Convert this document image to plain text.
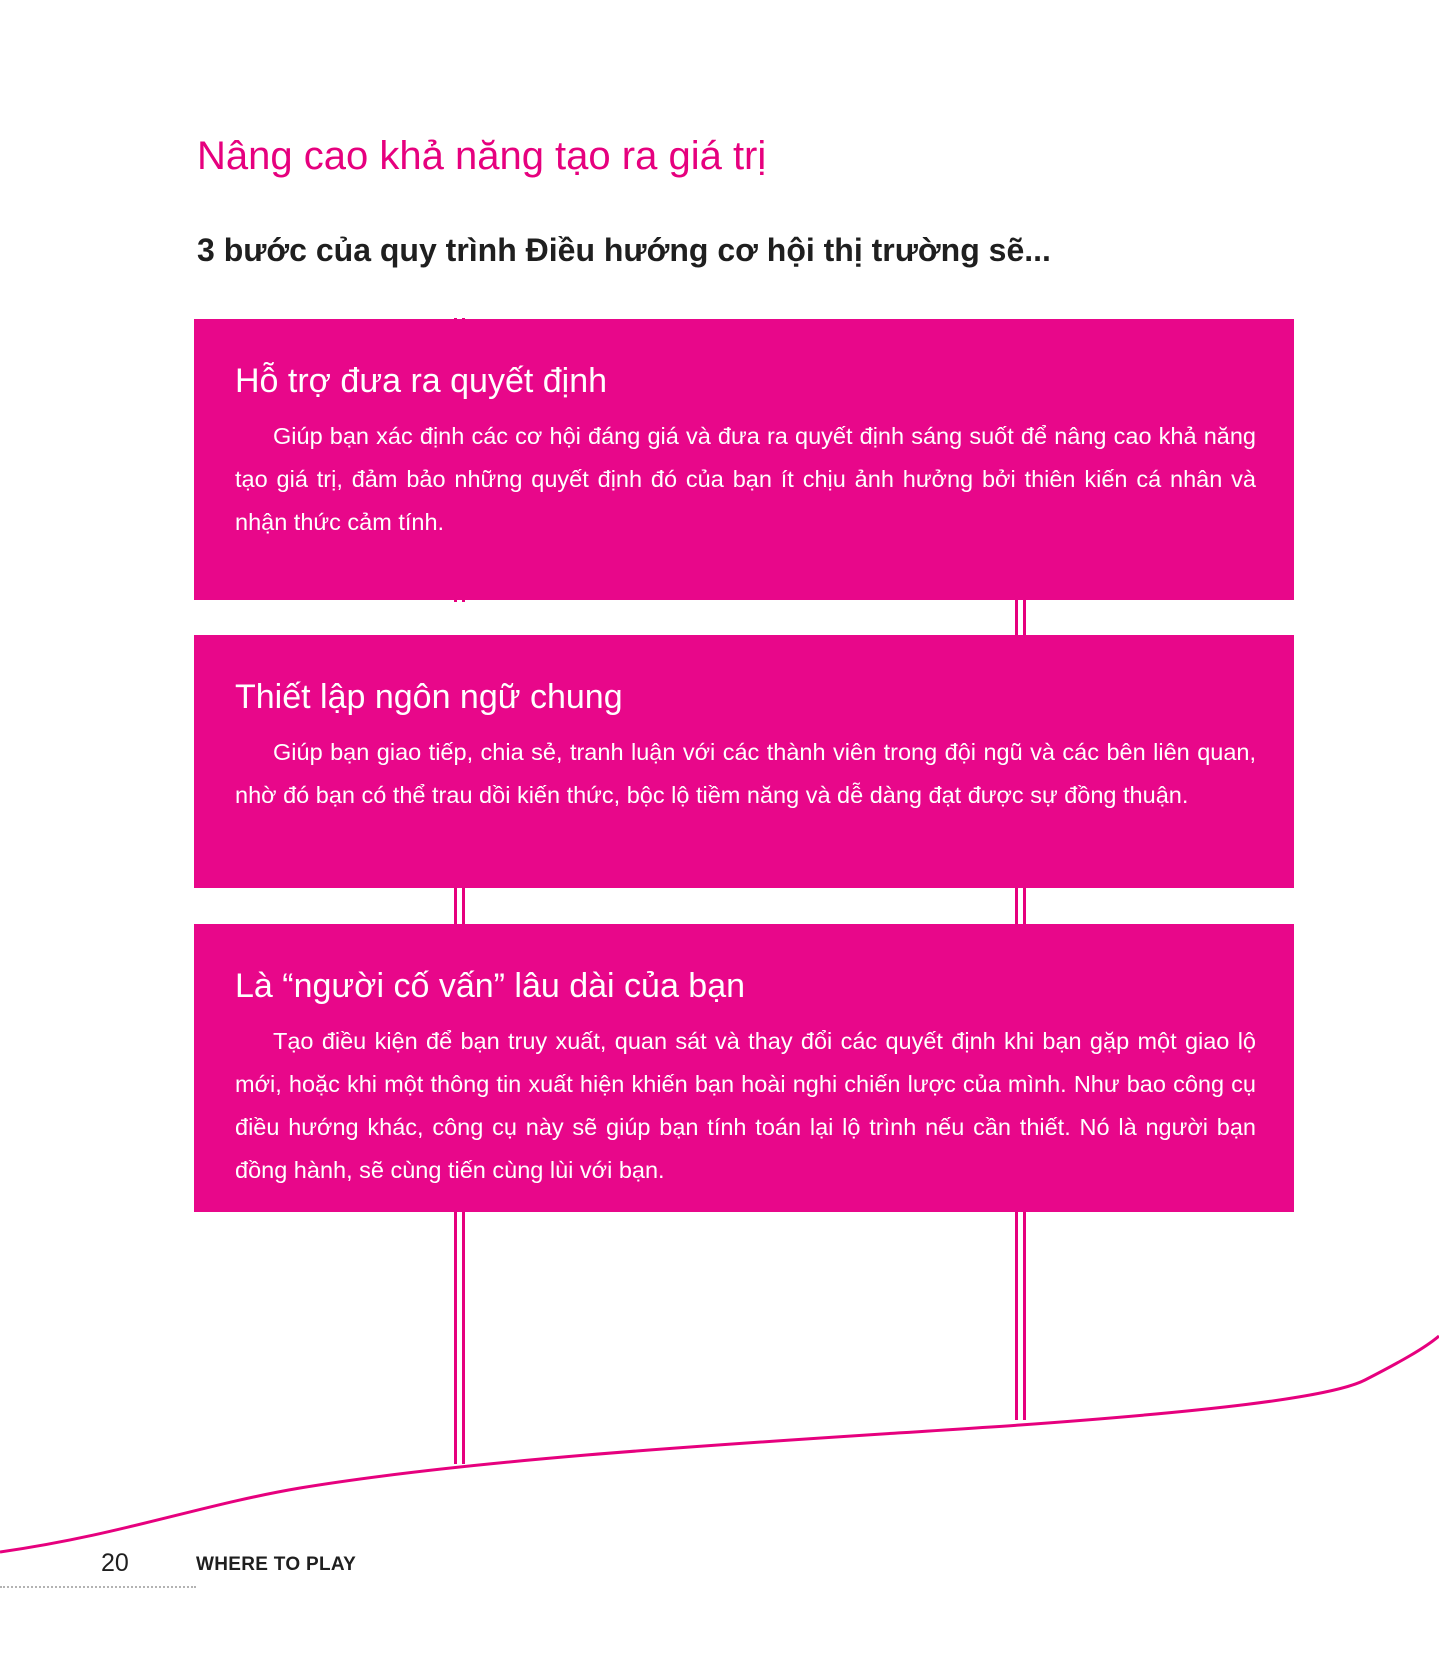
Nâng cao khả năng tạo ra giá trị
3 bước của quy trình Điều hướng cơ hội thị trường sẽ...
Hỗ trợ đưa ra quyết định

Giúp bạn xác định các cơ hội đáng giá và đưa ra quyết định sáng suốt để nâng cao khả năng tạo giá trị, đảm bảo những quyết định đó của bạn ít chịu ảnh hưởng bởi thiên kiến cá nhân và nhận thức cảm tính.

Thiết lập ngôn ngữ chung

Giúp bạn giao tiếp, chia sẻ, tranh luận với các thành viên trong đội ngũ và các bên liên quan, nhờ đó bạn có thể trau dồi kiến thức, bộc lộ tiềm năng và dễ dàng đạt được sự đồng thuận.

Là “người cố vấn” lâu dài của bạn

Tạo điều kiện để bạn truy xuất, quan sát và thay đổi các quyết định khi bạn gặp một giao lộ mới, hoặc khi một thông tin xuất hiện khiến bạn hoài nghi chiến lược của mình. Như bao công cụ điều hướng khác, công cụ này sẽ giúp bạn tính toán lại lộ trình nếu cần thiết. Nó là người bạn đồng hành, sẽ cùng tiến cùng lùi với bạn.

20	WHERE TO PLAY
